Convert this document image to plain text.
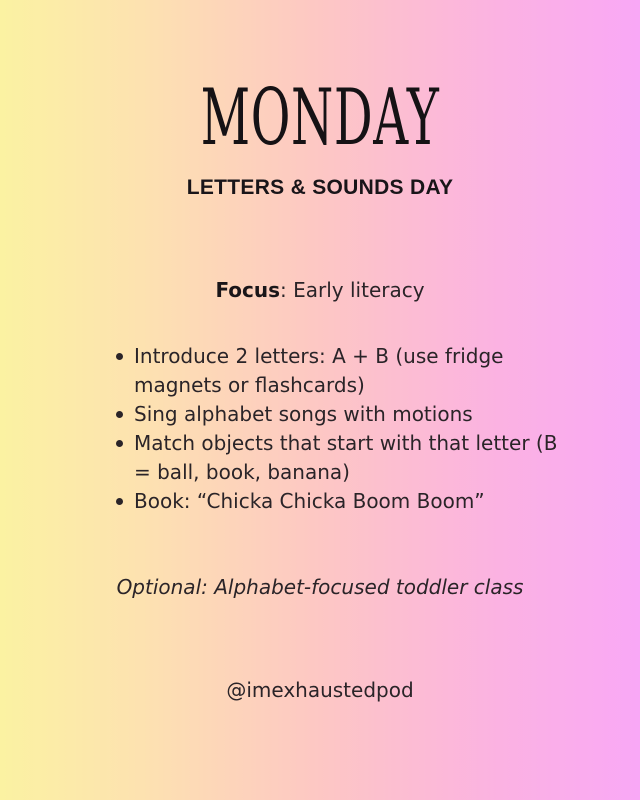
MONDAY
LETTERS & SOUNDS DAY
Focus: Early literacy
Introduce 2 letters: A + B (use fridge magnets or flashcards)
Sing alphabet songs with motions
Match objects that start with that letter (B = ball, book, banana)
Book: “Chicka Chicka Boom Boom”
Optional: Alphabet-focused toddler class
@imexhaustedpod
